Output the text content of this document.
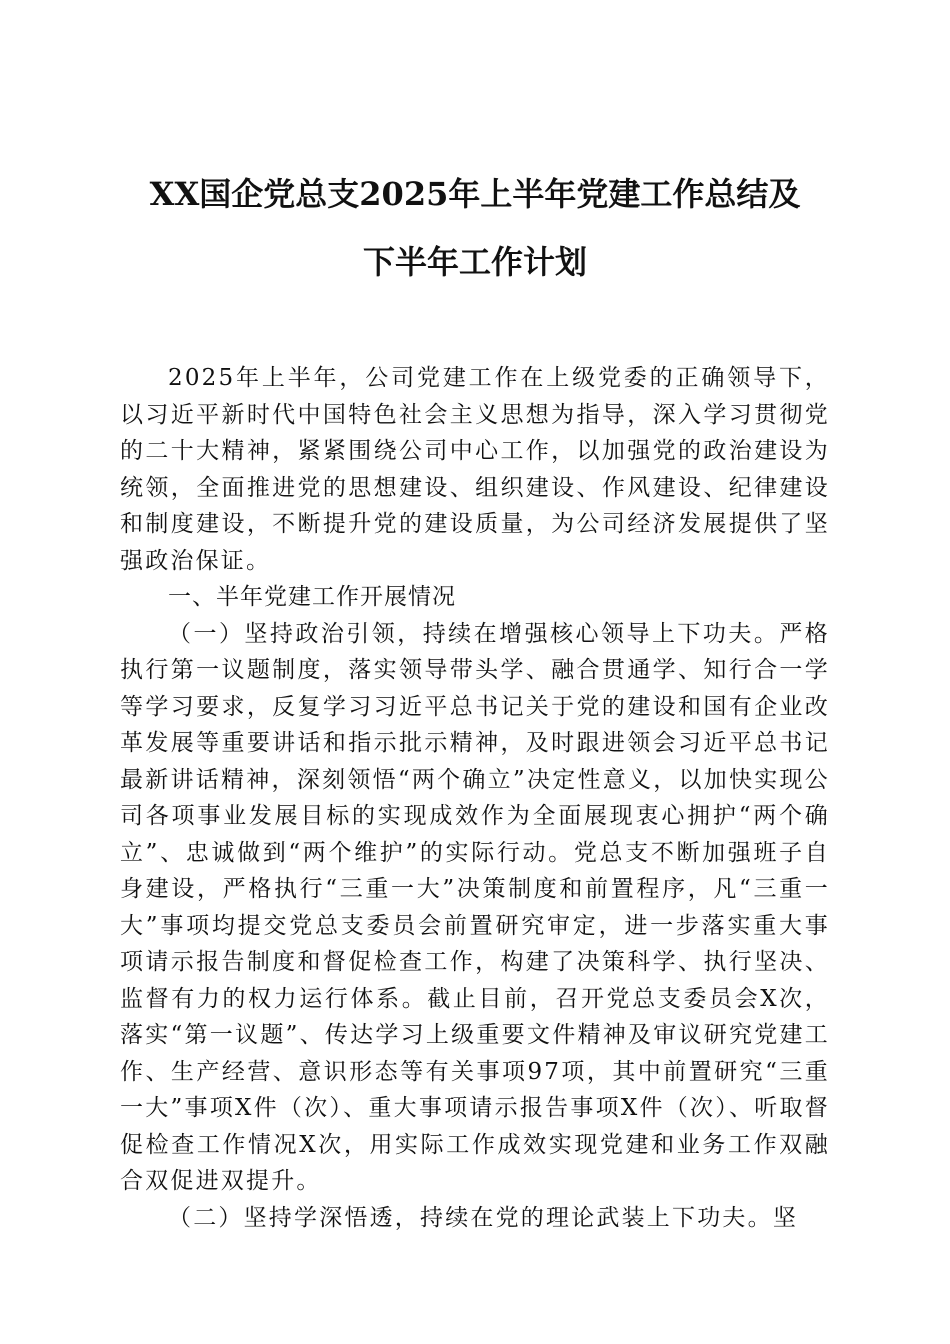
XX国企党总支2025年上半年党建工作总结及
下半年工作计划

2025年上半年，公司党建工作在上级党委的正确领导下，以习近平新时代中国特色社会主义思想为指导，深入学习贯彻党的二十大精神，紧紧围绕公司中心工作，以加强党的政治建设为统领，全面推进党的思想建设、组织建设、作风建设、纪律建设和制度建设，不断提升党的建设质量，为公司经济发展提供了坚强政治保证。

一、半年党建工作开展情况

（一）坚持政治引领，持续在增强核心领导上下功夫。严格执行第一议题制度，落实领导带头学、融合贯通学、知行合一学等学习要求，反复学习习近平总书记关于党的建设和国有企业改革发展等重要讲话和指示批示精神，及时跟进领会习近平总书记最新讲话精神，深刻领悟“两个确立”决定性意义，以加快实现公司各项事业发展目标的实现成效作为全面展现衷心拥护“两个确立”、忠诚做到“两个维护”的实际行动。党总支不断加强班子自身建设，严格执行“三重一大”决策制度和前置程序，凡“三重一大”事项均提交党总支委员会前置研究审定，进一步落实重大事项请示报告制度和督促检查工作，构建了决策科学、执行坚决、监督有力的权力运行体系。截止目前，召开党总支委员会X次，落实“第一议题”、传达学习上级重要文件精神及审议研究党建工作、生产经营、意识形态等有关事项97项，其中前置研究“三重一大”事项X件（次）、重大事项请示报告事项X件（次）、听取督促检查工作情况X次，用实际工作成效实现党建和业务工作双融合双促进双提升。

（二）坚持学深悟透，持续在党的理论武装上下功夫。坚
